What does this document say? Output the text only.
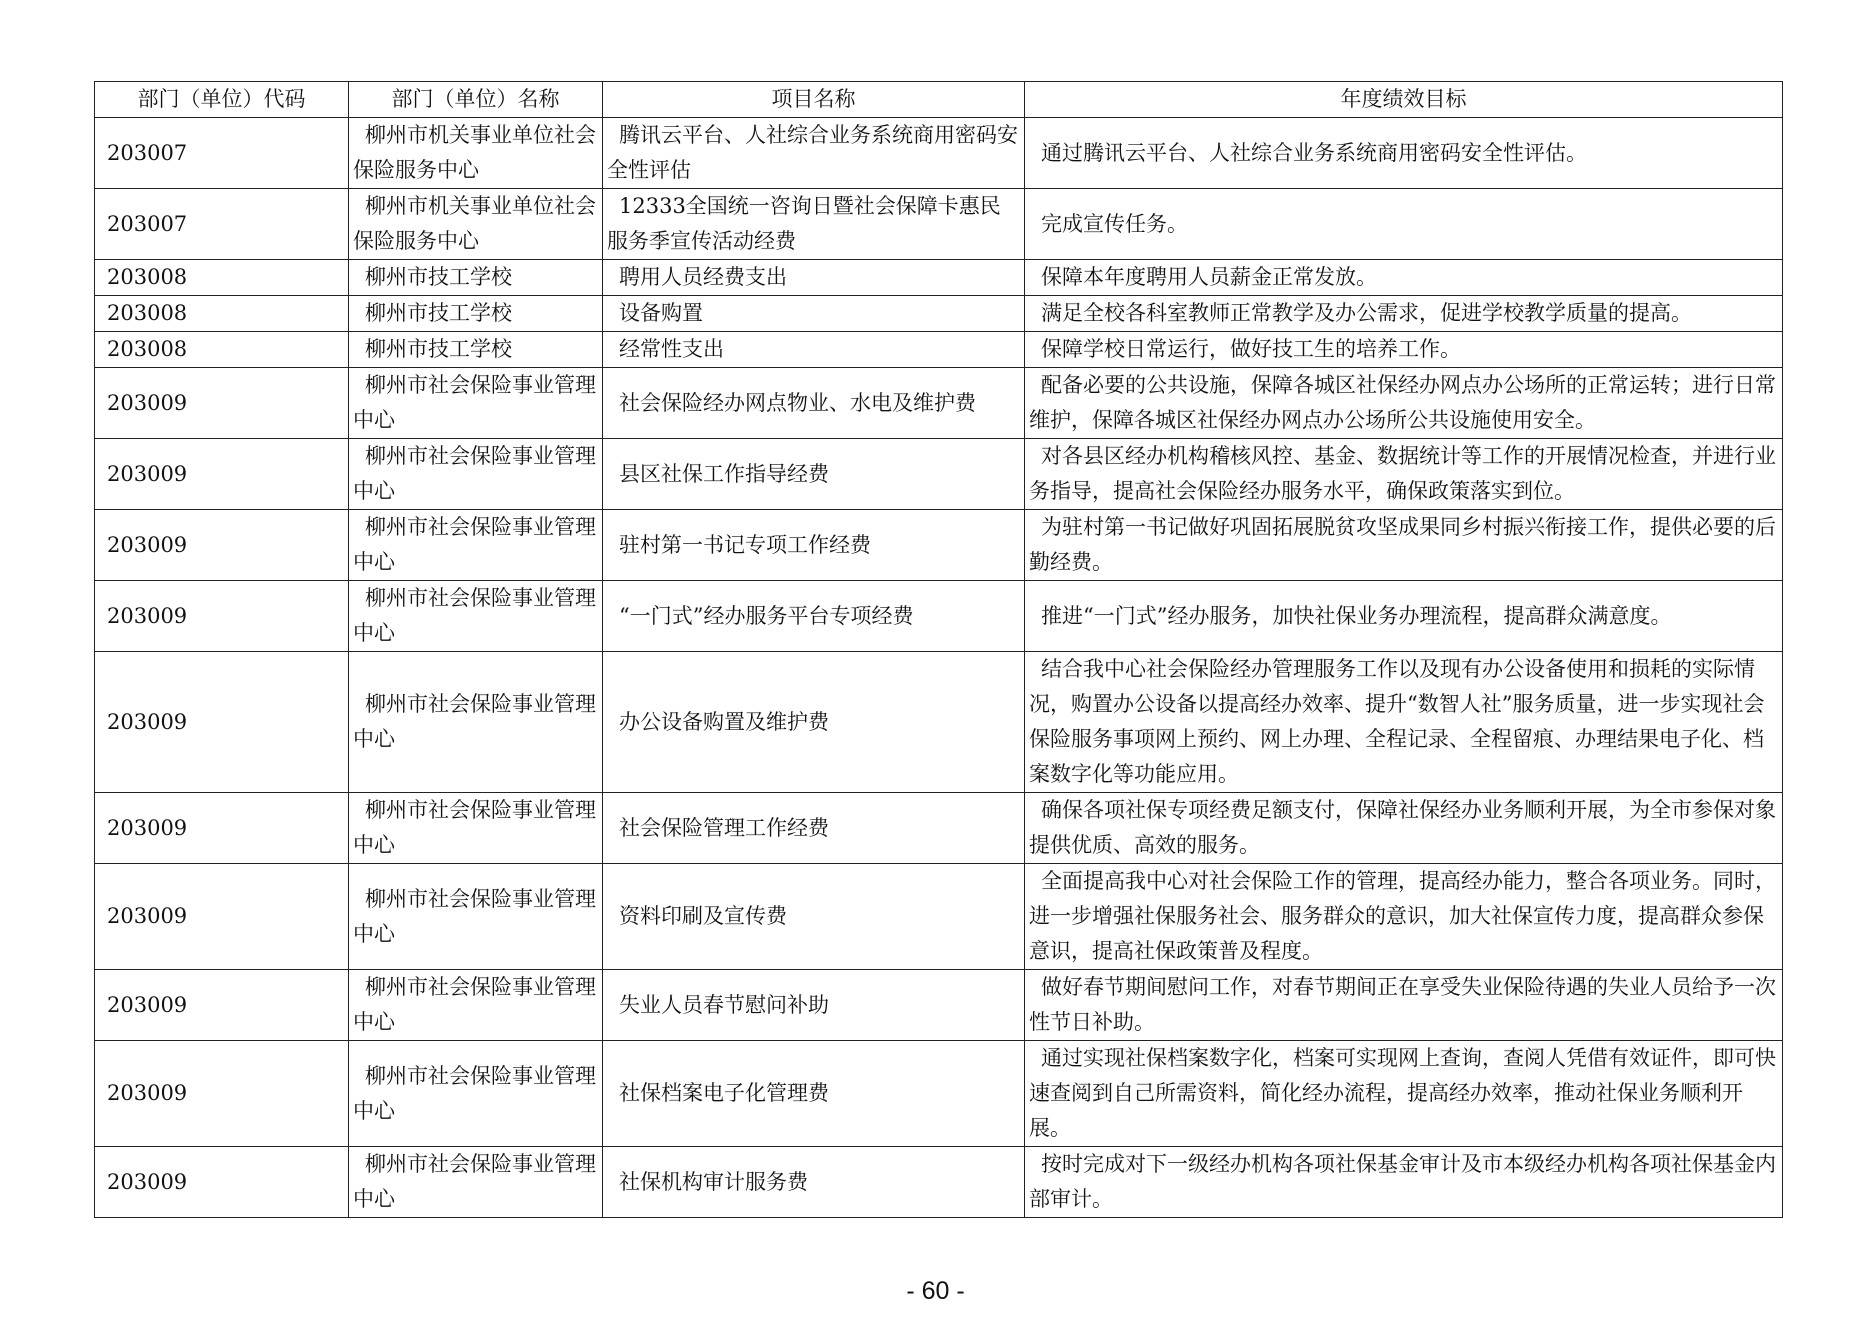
部门（单位）代码	部门（单位）名称	项目名称	年度绩效目标
203007	柳州市机关事业单位社会保险服务中心	腾讯云平台、人社综合业务系统商用密码安全性评估	通过腾讯云平台、人社综合业务系统商用密码安全性评估。
203007	柳州市机关事业单位社会保险服务中心	12333全国统一咨询日暨社会保障卡惠民服务季宣传活动经费	完成宣传任务。
203008	柳州市技工学校	聘用人员经费支出	保障本年度聘用人员薪金正常发放。
203008	柳州市技工学校	设备购置	满足全校各科室教师正常教学及办公需求，促进学校教学质量的提高。
203008	柳州市技工学校	经常性支出	保障学校日常运行，做好技工生的培养工作。
203009	柳州市社会保险事业管理中心	社会保险经办网点物业、水电及维护费	配备必要的公共设施，保障各城区社保经办网点办公场所的正常运转；进行日常维护，保障各城区社保经办网点办公场所公共设施使用安全。
203009	柳州市社会保险事业管理中心	县区社保工作指导经费	对各县区经办机构稽核风控、基金、数据统计等工作的开展情况检查，并进行业务指导，提高社会保险经办服务水平，确保政策落实到位。
203009	柳州市社会保险事业管理中心	驻村第一书记专项工作经费	为驻村第一书记做好巩固拓展脱贫攻坚成果同乡村振兴衔接工作，提供必要的后勤经费。
203009	柳州市社会保险事业管理中心	“一门式”经办服务平台专项经费	推进“一门式”经办服务，加快社保业务办理流程，提高群众满意度。
203009	柳州市社会保险事业管理中心	办公设备购置及维护费	结合我中心社会保险经办管理服务工作以及现有办公设备使用和损耗的实际情况，购置办公设备以提高经办效率、提升“数智人社”服务质量，进一步实现社会保险服务事项网上预约、网上办理、全程记录、全程留痕、办理结果电子化、档案数字化等功能应用。
203009	柳州市社会保险事业管理中心	社会保险管理工作经费	确保各项社保专项经费足额支付，保障社保经办业务顺利开展，为全市参保对象提供优质、高效的服务。
203009	柳州市社会保险事业管理中心	资料印刷及宣传费	全面提高我中心对社会保险工作的管理，提高经办能力，整合各项业务。同时，进一步增强社保服务社会、服务群众的意识，加大社保宣传力度，提高群众参保意识，提高社保政策普及程度。
203009	柳州市社会保险事业管理中心	失业人员春节慰问补助	做好春节期间慰问工作，对春节期间正在享受失业保险待遇的失业人员给予一次性节日补助。
203009	柳州市社会保险事业管理中心	社保档案电子化管理费	通过实现社保档案数字化，档案可实现网上查询，查阅人凭借有效证件，即可快速查阅到自己所需资料，简化经办流程，提高经办效率，推动社保业务顺利开展。
203009	柳州市社会保险事业管理中心	社保机构审计服务费	按时完成对下一级经办机构各项社保基金审计及市本级经办机构各项社保基金内部审计。
- 60 -
